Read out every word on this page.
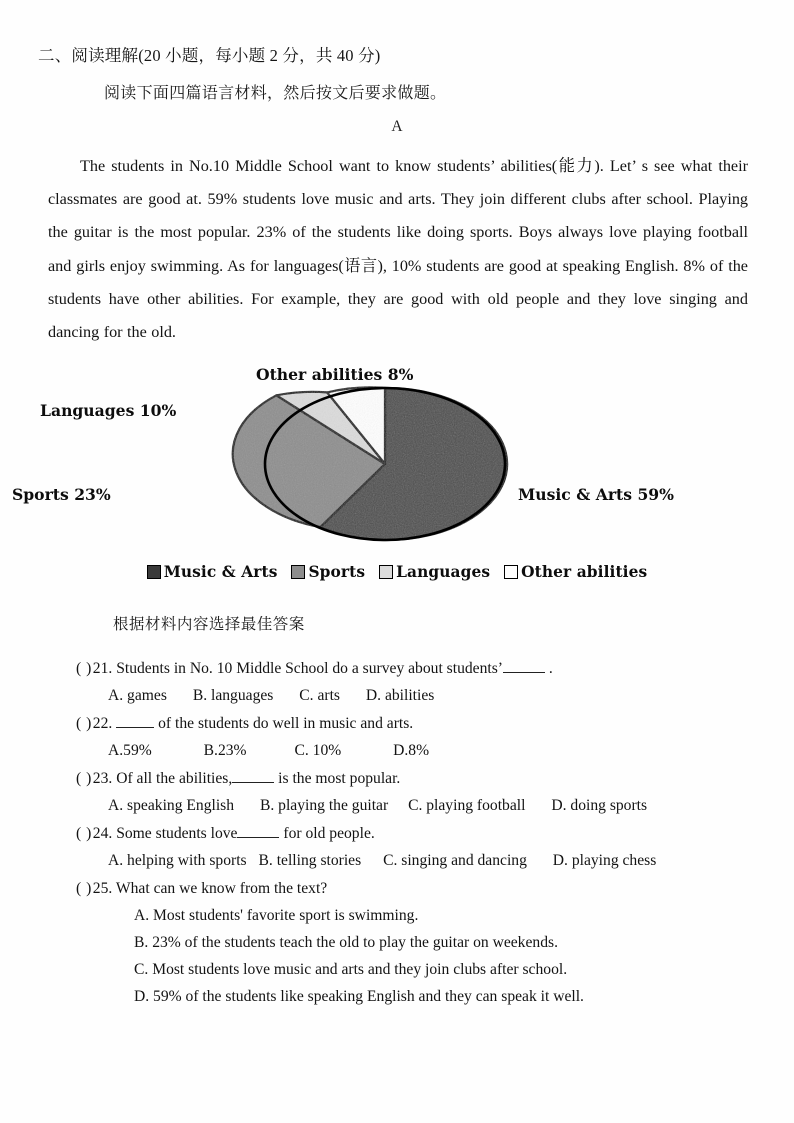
二、阅读理解(20 小题，每小题 2 分，共 40 分)
阅读下面四篇语言材料，然后按文后要求做题。
A
The students in No.10 Middle School want to know students’ abilities(能力). Let’ s see what their classmates are good at. 59% students love music and arts. They join different clubs after school. Playing the guitar is the most popular. 23% of the students like doing sports. Boys always love playing football and girls enjoy swimming. As for languages(语言), 10% students are good at speaking English. 8% of the students have other abilities. For example, they are good with old people and they love singing and dancing for the old.
Other abilities 8%
Languages 10%
Sports 23%	Music & Arts 59%
Music & Arts Sports Languages Other abilities
根据材料内容选择最佳答案
( )21. Students in No. 10 Middle School do a survey about students’	.
A. games B. languages C. arts D. abilities
( )22.	of the students do well in music and arts.
A.59%	B.23%	C. 10%	D.8%
( )23. Of all the abilities,	is the most popular.
A. speaking English B. playing the guitar C. playing football D. doing sports
( )24. Some students love	for old people.
A. helping with sports B. telling stories C. singing and dancing D. playing chess
( )25. What can we know from the text?
A. Most students' favorite sport is swimming.
B. 23% of the students teach the old to play the guitar on weekends.
C. Most students love music and arts and they join clubs after school.
D. 59% of the students like speaking English and they can speak it well.
